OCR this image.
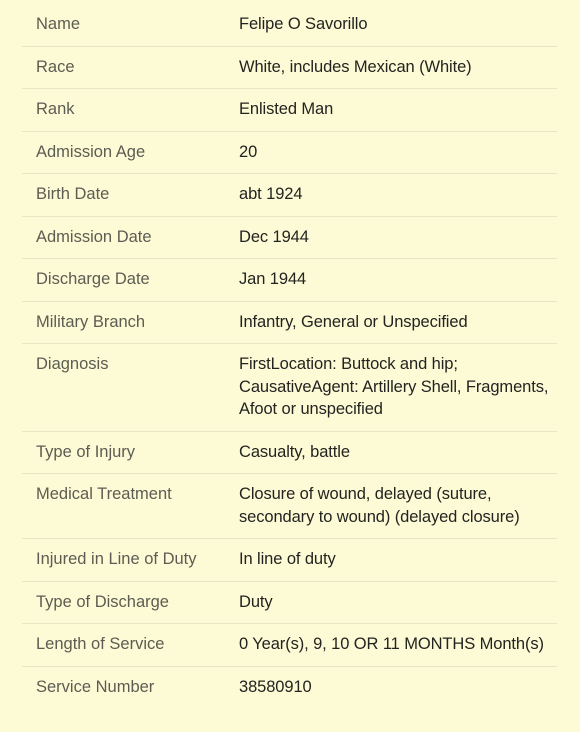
Name	Felipe O Savorillo
Race	White, includes Mexican (White)
Rank	Enlisted Man
Admission Age	20
Birth Date	abt 1924
Admission Date	Dec 1944
Discharge Date	Jan 1944
Military Branch	Infantry, General or Unspecified
Diagnosis	FirstLocation: Buttock and hip; CausativeAgent: Artillery Shell, Fragments, Afoot or unspecified
Type of Injury	Casualty, battle
Medical Treatment	Closure of wound, delayed (suture, secondary to wound) (delayed closure)
Injured in Line of Duty	In line of duty
Type of Discharge	Duty
Length of Service	0 Year(s), 9, 10 OR 11 MONTHS Month(s)
Service Number	38580910
